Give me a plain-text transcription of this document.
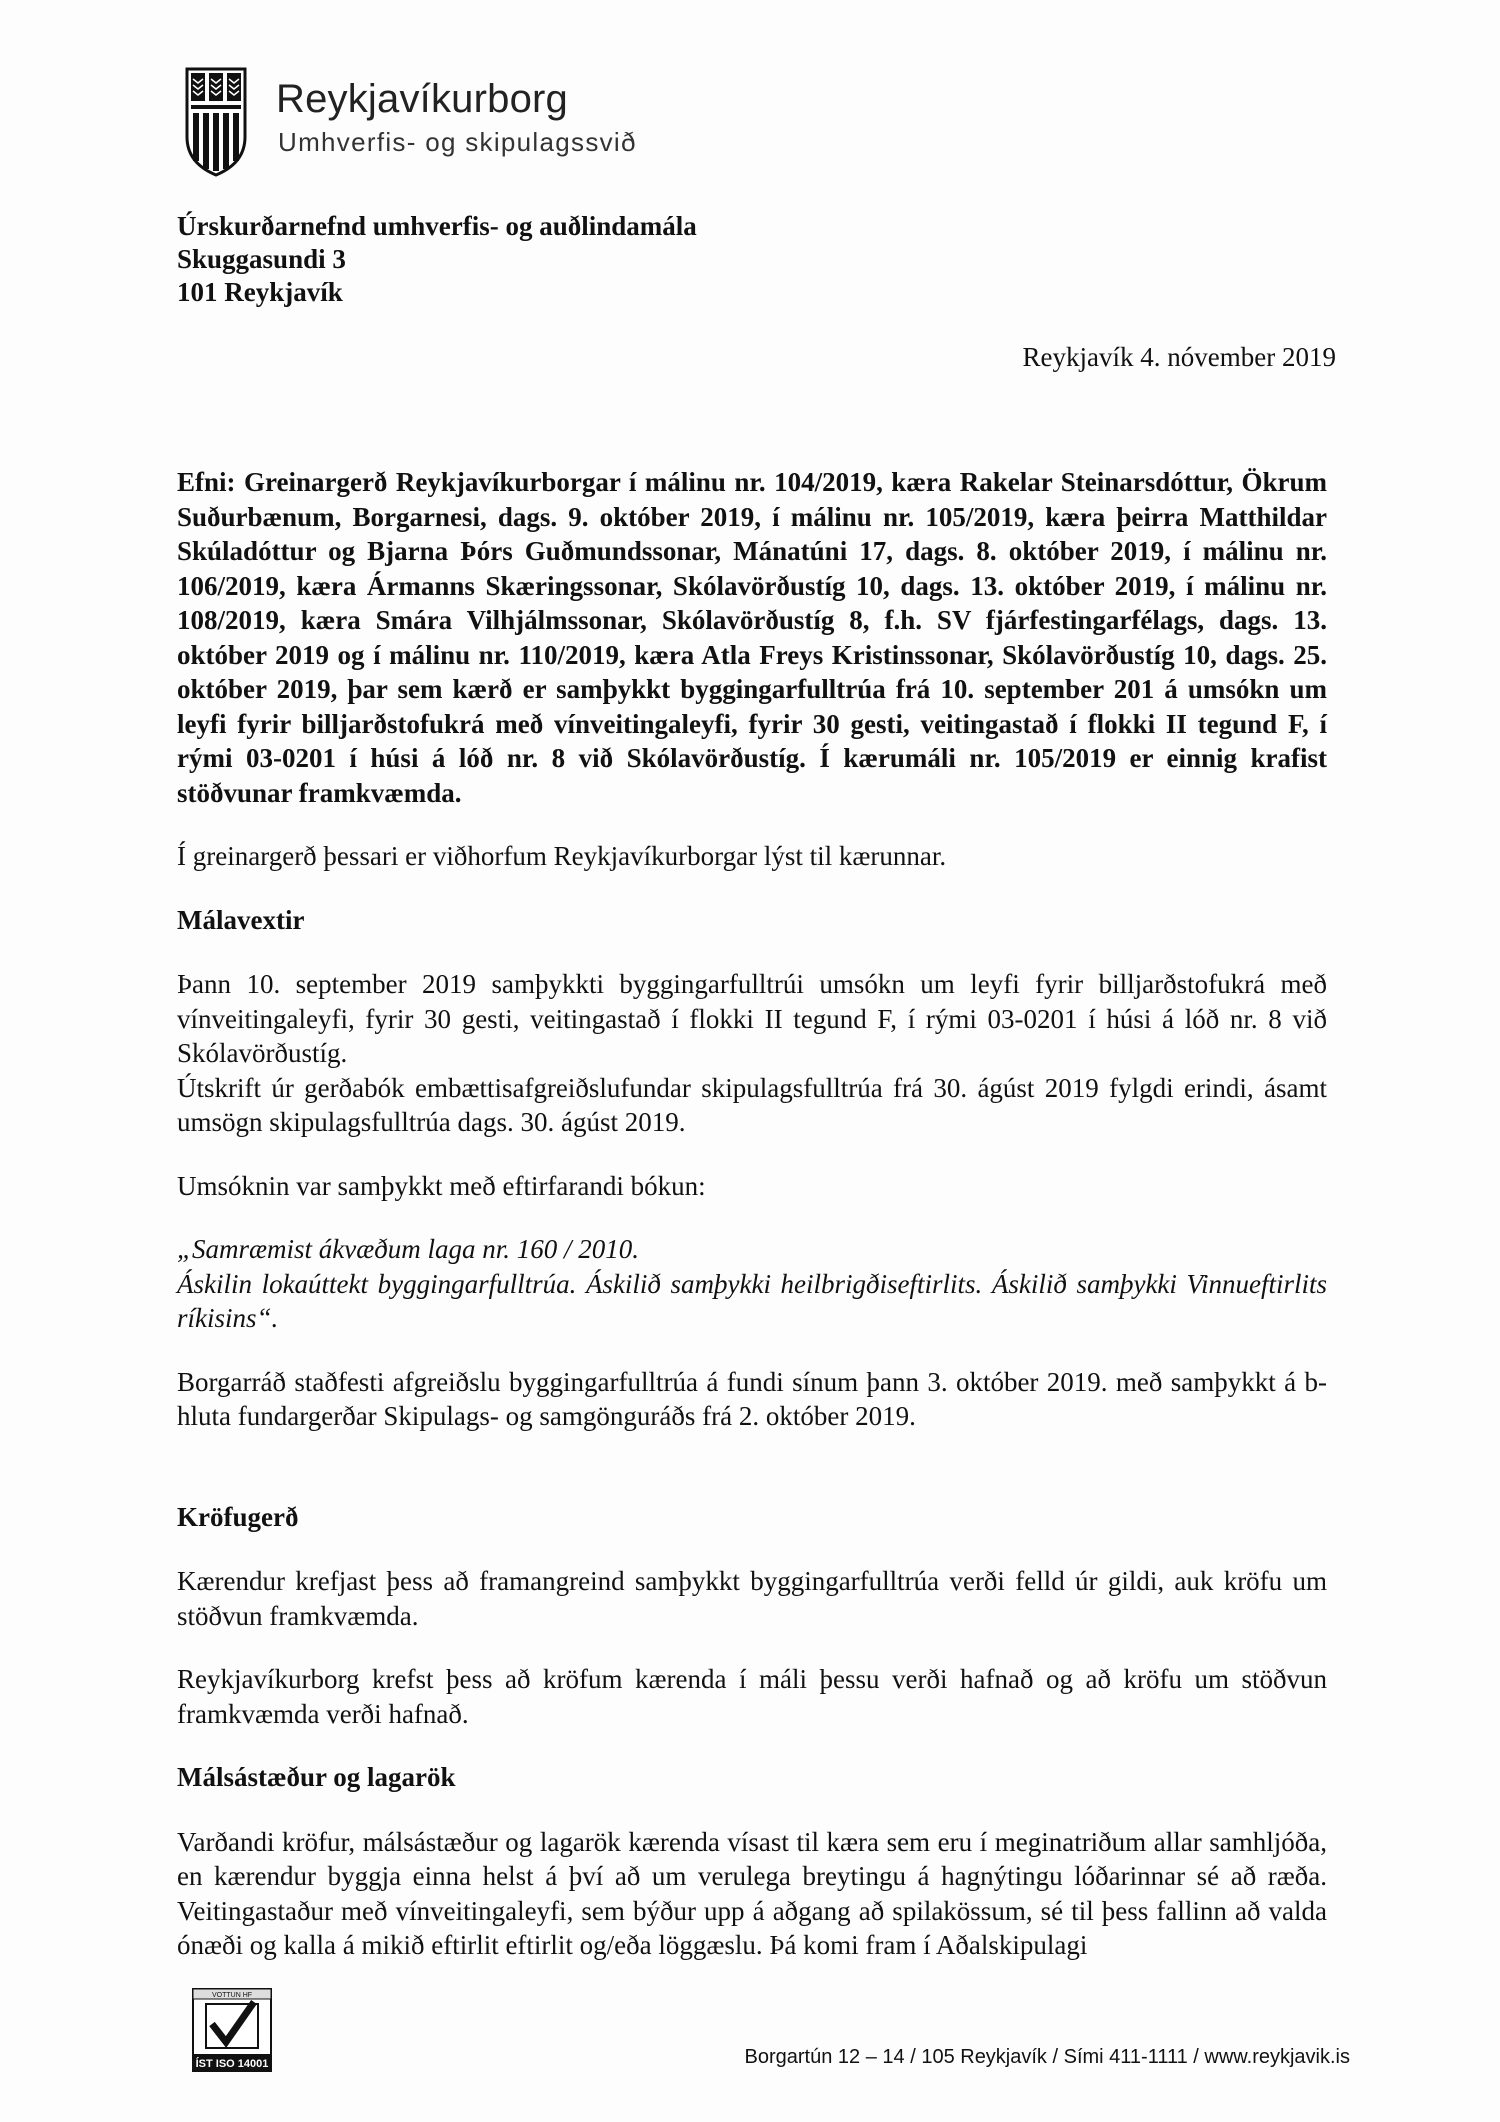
Reykjavíkurborg
Umhverfis- og skipulagssvið
Úrskurðarnefnd umhverfis- og auðlindamála
Skuggasundi 3
101 Reykjavík
Reykjavík 4. nóvember 2019

Efni: Greinargerð Reykjavíkurborgar í málinu nr. 104/2019, kæra Rakelar Steinarsdóttur, Ökrum Suðurbænum, Borgarnesi, dags. 9. október 2019, í málinu nr. 105/2019, kæra þeirra Matthildar Skúladóttur og Bjarna Þórs Guðmundssonar, Mánatúni 17, dags. 8. október 2019, í málinu nr. 106/2019, kæra Ármanns Skæringssonar, Skólavörðustíg 10, dags. 13. október 2019, í málinu nr. 108/2019, kæra Smára Vilhjálmssonar, Skólavörðustíg 8, f.h. SV fjárfestingarfélags, dags. 13. október 2019 og í málinu nr. 110/2019, kæra Atla Freys Kristinssonar, Skólavörðustíg 10, dags. 25. október 2019, þar sem kærð er samþykkt byggingarfulltrúa frá 10. september 201 á umsókn um leyfi fyrir billjarðstofukrá með vínveitingaleyfi, fyrir 30 gesti, veitingastað í flokki II tegund F, í rými 03-0201 í húsi á lóð nr. 8 við Skólavörðustíg. Í kærumáli nr. 105/2019 er einnig krafist stöðvunar framkvæmda.

Í greinargerð þessari er viðhorfum Reykjavíkurborgar lýst til kærunnar.

Málavextir

Þann 10. september 2019 samþykkti byggingarfulltrúi umsókn um leyfi fyrir billjarðstofukrá með vínveitingaleyfi, fyrir 30 gesti, veitingastað í flokki II tegund F, í rými 03-0201 í húsi á lóð nr. 8 við Skólavörðustíg.

Útskrift úr gerðabók embættisafgreiðslufundar skipulagsfulltrúa frá 30. ágúst 2019 fylgdi erindi, ásamt umsögn skipulagsfulltrúa dags. 30. ágúst 2019.

Umsóknin var samþykkt með eftirfarandi bókun:

„Samræmist ákvæðum laga nr. 160 / 2010.

Áskilin lokaúttekt byggingarfulltrúa. Áskilið samþykki heilbrigðiseftirlits. Áskilið samþykki Vinnueftirlits ríkisins“.

Borgarráð staðfesti afgreiðslu byggingarfulltrúa á fundi sínum þann 3. október 2019. með samþykkt á b-hluta fundargerðar Skipulags- og samgönguráðs frá 2. október 2019.

Kröfugerð

Kærendur krefjast þess að framangreind samþykkt byggingarfulltrúa verði felld úr gildi, auk kröfu um stöðvun framkvæmda.

Reykjavíkurborg krefst þess að kröfum kærenda í máli þessu verði hafnað og að kröfu um stöðvun framkvæmda verði hafnað.

Málsástæður og lagarök

Varðandi kröfur, málsástæður og lagarök kærenda vísast til kæra sem eru í meginatriðum allar samhljóða, en kærendur byggja einna helst á því að um verulega breytingu á hagnýtingu lóðarinnar sé að ræða. Veitingastaður með vínveitingaleyfi, sem býður upp á aðgang að spilakössum, sé til þess fallinn að valda ónæði og kalla á mikið eftirlit eftirlit og/eða löggæslu. Þá komi fram í Aðalskipulagi

VOTTUN HF
ÍST ISO 14001	Borgartún 12 – 14 / 105 Reykjavík / Sími 411-1111 / www.reykjavik.is
